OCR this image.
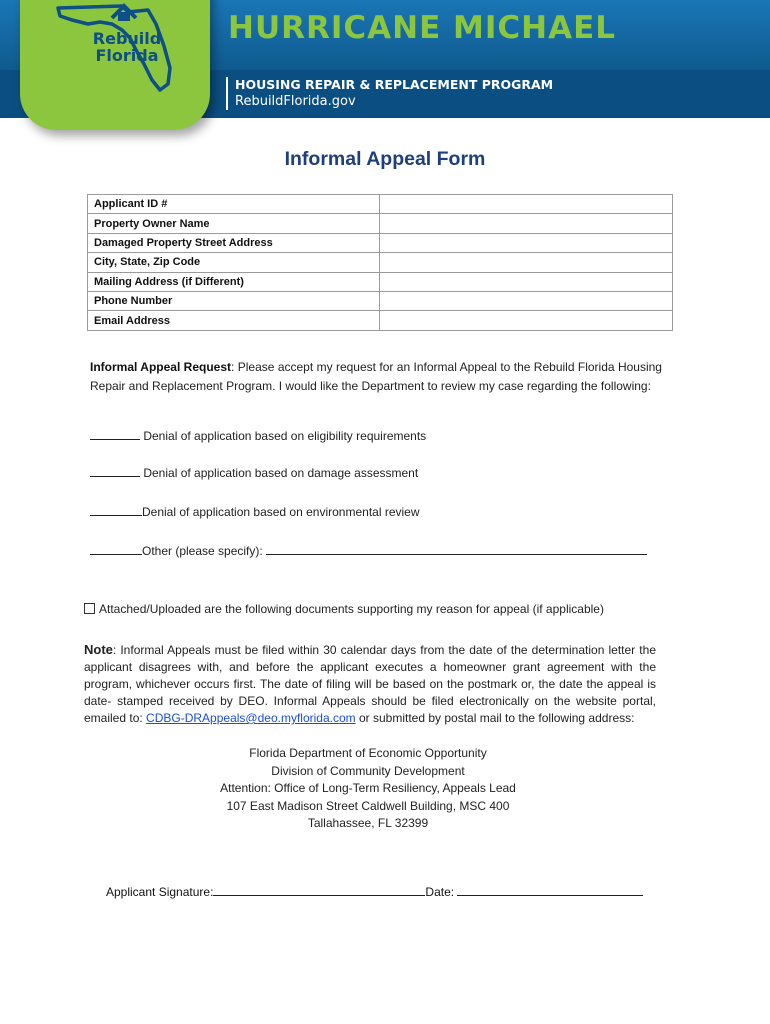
Rebuild
Florida
HURRICANE MICHAEL
HOUSING REPAIR & REPLACEMENT PROGRAM
RebuildFlorida.gov
Informal Appeal Form
Applicant ID #	
Property Owner Name	
Damaged Property Street Address	
City, State, Zip Code	
Mailing Address (if Different)	
Phone Number	
Email Address	
Informal Appeal Request: Please accept my request for an Informal Appeal to the Rebuild Florida Housing Repair and Replacement Program. I would like the Department to review my case regarding the following:
Denial of application based on eligibility requirements
Denial of application based on damage assessment
Denial of application based on environmental review
Other (please specify):
Attached/Uploaded are the following documents supporting my reason for appeal (if applicable)
Note: Informal Appeals must be filed within 30 calendar days from the date of the determination letter the applicant disagrees with, and before the applicant executes a homeowner grant agreement with the program, whichever occurs first. The date of filing will be based on the postmark or, the date the appeal is date- stamped received by DEO. Informal Appeals should be filed electronically on the website portal, emailed to: CDBG-DRAppeals@deo.myflorida.com or submitted by postal mail to the following address:
Florida Department of Economic Opportunity
Division of Community Development
Attention: Office of Long-Term Resiliency, Appeals Lead
107 East Madison Street Caldwell Building, MSC 400
Tallahassee, FL 32399
Applicant Signature:	Date:
